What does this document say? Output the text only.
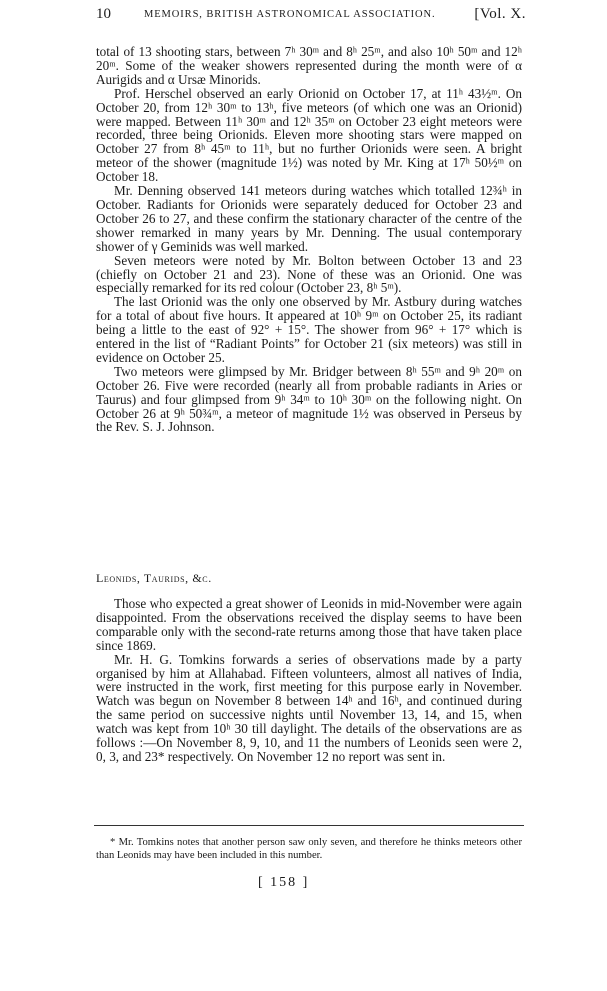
10	MEMOIRS, BRITISH ASTRONOMICAL ASSOCIATION.	[Vol. X.

total of 13 shooting stars, between 7ʰ 30ᵐ and 8ʰ 25ᵐ, and also 10ʰ 50ᵐ and 12ʰ 20ᵐ. Some of the weaker showers represented during the month were of α Aurigids and α Ursæ Minorids.

Prof. Herschel observed an early Orionid on October 17, at 11ʰ 43½ᵐ. On October 20, from 12ʰ 30ᵐ to 13ʰ, five meteors (of which one was an Orionid) were mapped. Between 11ʰ 30ᵐ and 12ʰ 35ᵐ on October 23 eight meteors were recorded, three being Orionids. Eleven more shooting stars were mapped on October 27 from 8ʰ 45ᵐ to 11ʰ, but no further Orionids were seen. A bright meteor of the shower (magnitude 1½) was noted by Mr. King at 17ʰ 50½ᵐ on October 18.

Mr. Denning observed 141 meteors during watches which totalled 12¾ʰ in October. Radiants for Orionids were separately deduced for October 23 and October 26 to 27, and these confirm the stationary character of the centre of the shower remarked in many years by Mr. Denning. The usual contemporary shower of γ Geminids was well marked.

Seven meteors were noted by Mr. Bolton between October 13 and 23 (chiefly on October 21 and 23). None of these was an Orionid. One was especially remarked for its red colour (October 23, 8ʰ 5ᵐ).

The last Orionid was the only one observed by Mr. Astbury during watches for a total of about five hours. It appeared at 10ʰ 9ᵐ on October 25, its radiant being a little to the east of 92° + 15°. The shower from 96° + 17° which is entered in the list of “Radiant Points” for October 21 (six meteors) was still in evidence on October 25.

Two meteors were glimpsed by Mr. Bridger between 8ʰ 55ᵐ and 9ʰ 20ᵐ on October 26. Five were recorded (nearly all from probable radiants in Aries or Taurus) and four glimpsed from 9ʰ 34ᵐ to 10ʰ 30ᵐ on the following night. On October 26 at 9ʰ 50¾ᵐ, a meteor of magnitude 1½ was observed in Perseus by the Rev. S. J. Johnson.

Leonids, Taurids, &c.

Those who expected a great shower of Leonids in mid-November were again disappointed. From the observations received the display seems to have been comparable only with the second-rate returns among those that have taken place since 1869.

Mr. H. G. Tomkins forwards a series of observations made by a party organised by him at Allahabad. Fifteen volunteers, almost all natives of India, were instructed in the work, first meeting for this purpose early in November. Watch was begun on November 8 between 14ʰ and 16ʰ, and continued during the same period on successive nights until November 13, 14, and 15, when watch was kept from 10ʰ 30 till daylight. The details of the observations are as follows :—On November 8, 9, 10, and 11 the numbers of Leonids seen were 2, 0, 3, and 23* respectively. On November 12 no report was sent in.

* Mr. Tomkins notes that another person saw only seven, and therefore he thinks meteors other than Leonids may have been included in this number.
[ 158 ]
